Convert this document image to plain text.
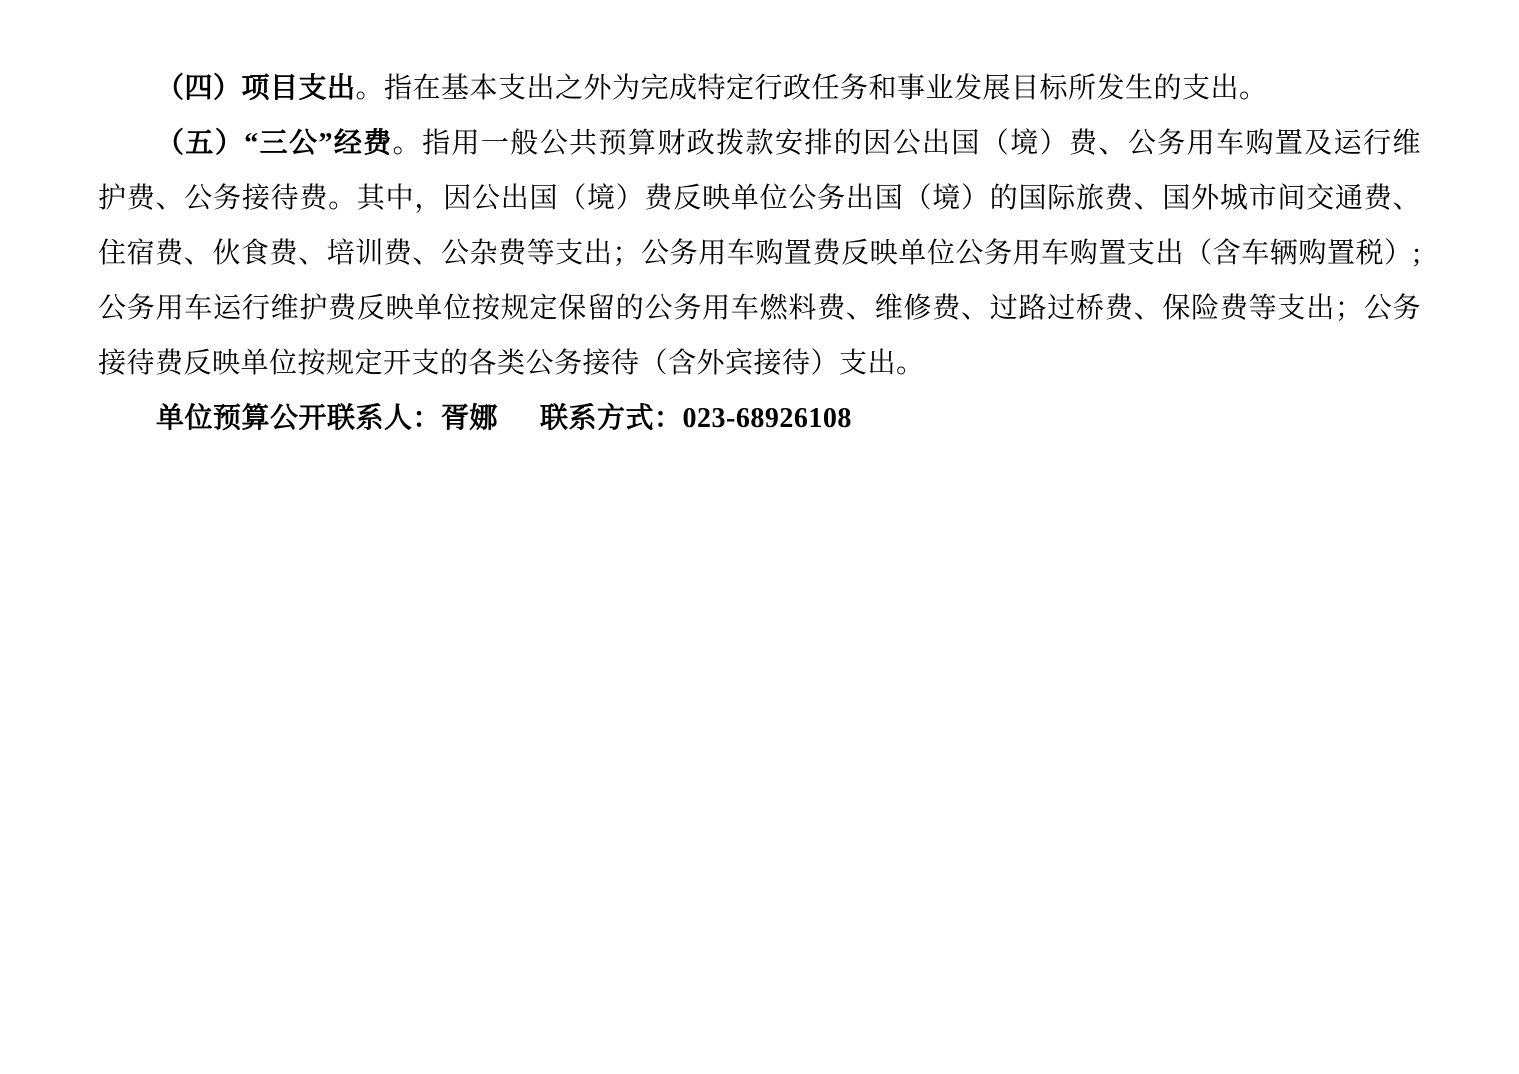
（四）项目支出。指在基本支出之外为完成特定行政任务和事业发展目标所发生的支出。
（五）“三公”经费。指用一般公共预算财政拨款安排的因公出国（境）费、公务用车购置及运行维
护费、公务接待费。其中，因公出国（境）费反映单位公务出国（境）的国际旅费、国外城市间交通费、
住宿费、伙食费、培训费、公杂费等支出；公务用车购置费反映单位公务用车购置支出（含车辆购置税）;
公务用车运行维护费反映单位按规定保留的公务用车燃料费、维修费、过路过桥费、保险费等支出；公务
接待费反映单位按规定开支的各类公务接待（含外宾接待）支出。
单位预算公开联系人：胥娜 联系方式：023-68926108
